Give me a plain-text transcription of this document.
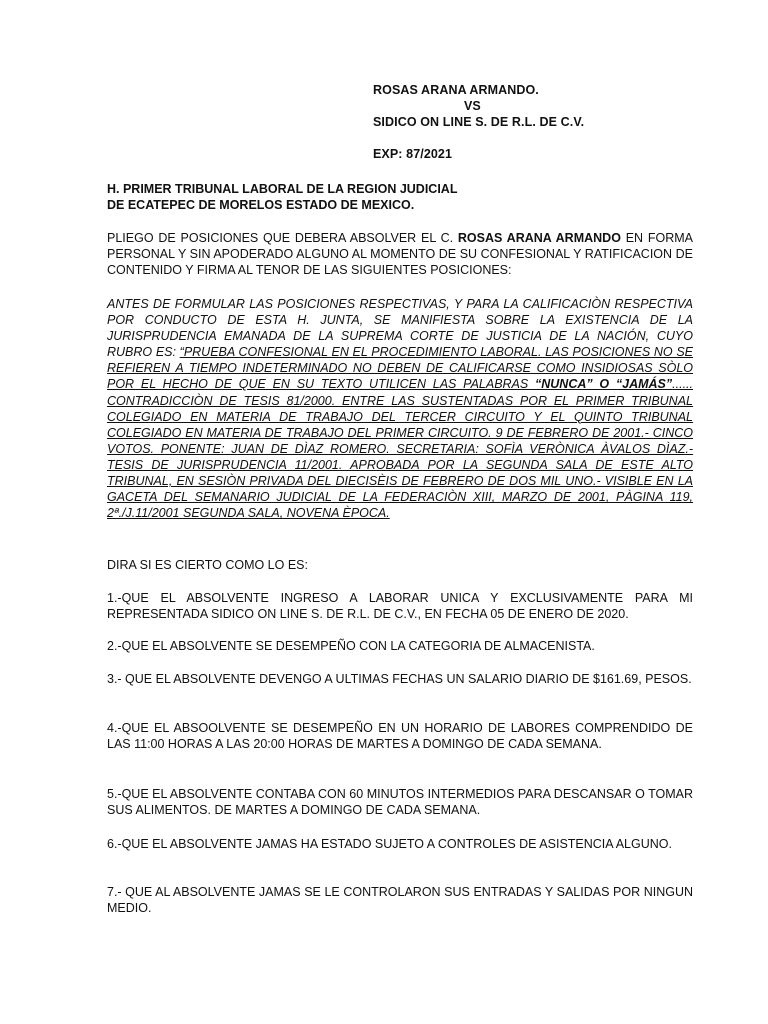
ROSAS ARANA ARMANDO.

VS
SIDICO ON LINE S. DE R.L. DE C.V.
EXP: 87/2021
H. PRIMER TRIBUNAL LABORAL DE LA REGION JUDICIAL
DE ECATEPEC DE MORELOS ESTADO DE MEXICO.
PLIEGO DE POSICIONES QUE DEBERA ABSOLVER EL C. ROSAS ARANA ARMANDO EN FORMA PERSONAL Y SIN APODERADO ALGUNO AL MOMENTO DE SU CONFESIONAL Y RATIFICACION DE CONTENIDO Y FIRMA AL TENOR DE LAS SIGUIENTES POSICIONES:
ANTES DE FORMULAR LAS POSICIONES RESPECTIVAS, Y PARA LA CALIFICACIÒN RESPECTIVA POR CONDUCTO DE ESTA H. JUNTA, SE MANIFIESTA SOBRE LA EXISTENCIA DE LA JURISPRUDENCIA EMANADA DE LA SUPREMA CORTE DE JUSTICIA DE LA NACIÓN, CUYO RUBRO ES: “PRUEBA CONFESIONAL EN EL PROCEDIMIENTO LABORAL. LAS POSICIONES NO SE REFIEREN A TIEMPO INDETERMINADO NO DEBEN DE CALIFICARSE COMO INSIDIOSAS SÒLO POR EL HECHO DE QUE EN SU TEXTO UTILICEN LAS PALABRAS “NUNCA” O “JAMÁS”...... CONTRADICCIÒN DE TESIS 81/2000. ENTRE LAS SUSTENTADAS POR EL PRIMER TRIBUNAL COLEGIADO EN MATERIA DE TRABAJO DEL TERCER CIRCUITO Y EL QUINTO TRIBUNAL COLEGIADO EN MATERIA DE TRABAJO DEL PRIMER CIRCUITO. 9 DE FEBRERO DE 2001.- CINCO VOTOS. PONENTE: JUAN DE DÌAZ ROMERO. SECRETARIA: SOFÌA VERÒNICA ÀVALOS DÌAZ.- TESIS DE JURISPRUDENCIA 11/2001. APROBADA POR LA SEGUNDA SALA DE ESTE ALTO TRIBUNAL, EN SESIÒN PRIVADA DEL DIECISÈIS DE FEBRERO DE DOS MIL UNO.- VISIBLE EN LA GACETA DEL SEMANARIO JUDICIAL DE LA FEDERACIÒN XIII, MARZO DE 2001, PÀGINA 119, 2ª./J.11/2001 SEGUNDA SALA, NOVENA ÈPOCA.
DIRA SI ES CIERTO COMO LO ES:
1.-QUE EL ABSOLVENTE INGRESO A LABORAR UNICA Y EXCLUSIVAMENTE PARA MI REPRESENTADA SIDICO ON LINE S. DE R.L. DE C.V., EN FECHA 05 DE ENERO DE 2020.
2.-QUE EL ABSOLVENTE SE DESEMPEÑO CON LA CATEGORIA DE ALMACENISTA.
3.- QUE EL ABSOLVENTE DEVENGO A ULTIMAS FECHAS UN SALARIO DIARIO DE $161.69, PESOS.
4.-QUE EL ABSOOLVENTE SE DESEMPEÑO EN UN HORARIO DE LABORES COMPRENDIDO DE LAS 11:00 HORAS A LAS 20:00 HORAS DE MARTES A DOMINGO DE CADA SEMANA.
5.-QUE EL ABSOLVENTE CONTABA CON 60 MINUTOS INTERMEDIOS PARA DESCANSAR O TOMAR SUS ALIMENTOS. DE MARTES A DOMINGO DE CADA SEMANA.
6.-QUE EL ABSOLVENTE JAMAS HA ESTADO SUJETO A CONTROLES DE ASISTENCIA ALGUNO.
7.- QUE AL ABSOLVENTE JAMAS SE LE CONTROLARON SUS ENTRADAS Y SALIDAS POR NINGUN MEDIO.
